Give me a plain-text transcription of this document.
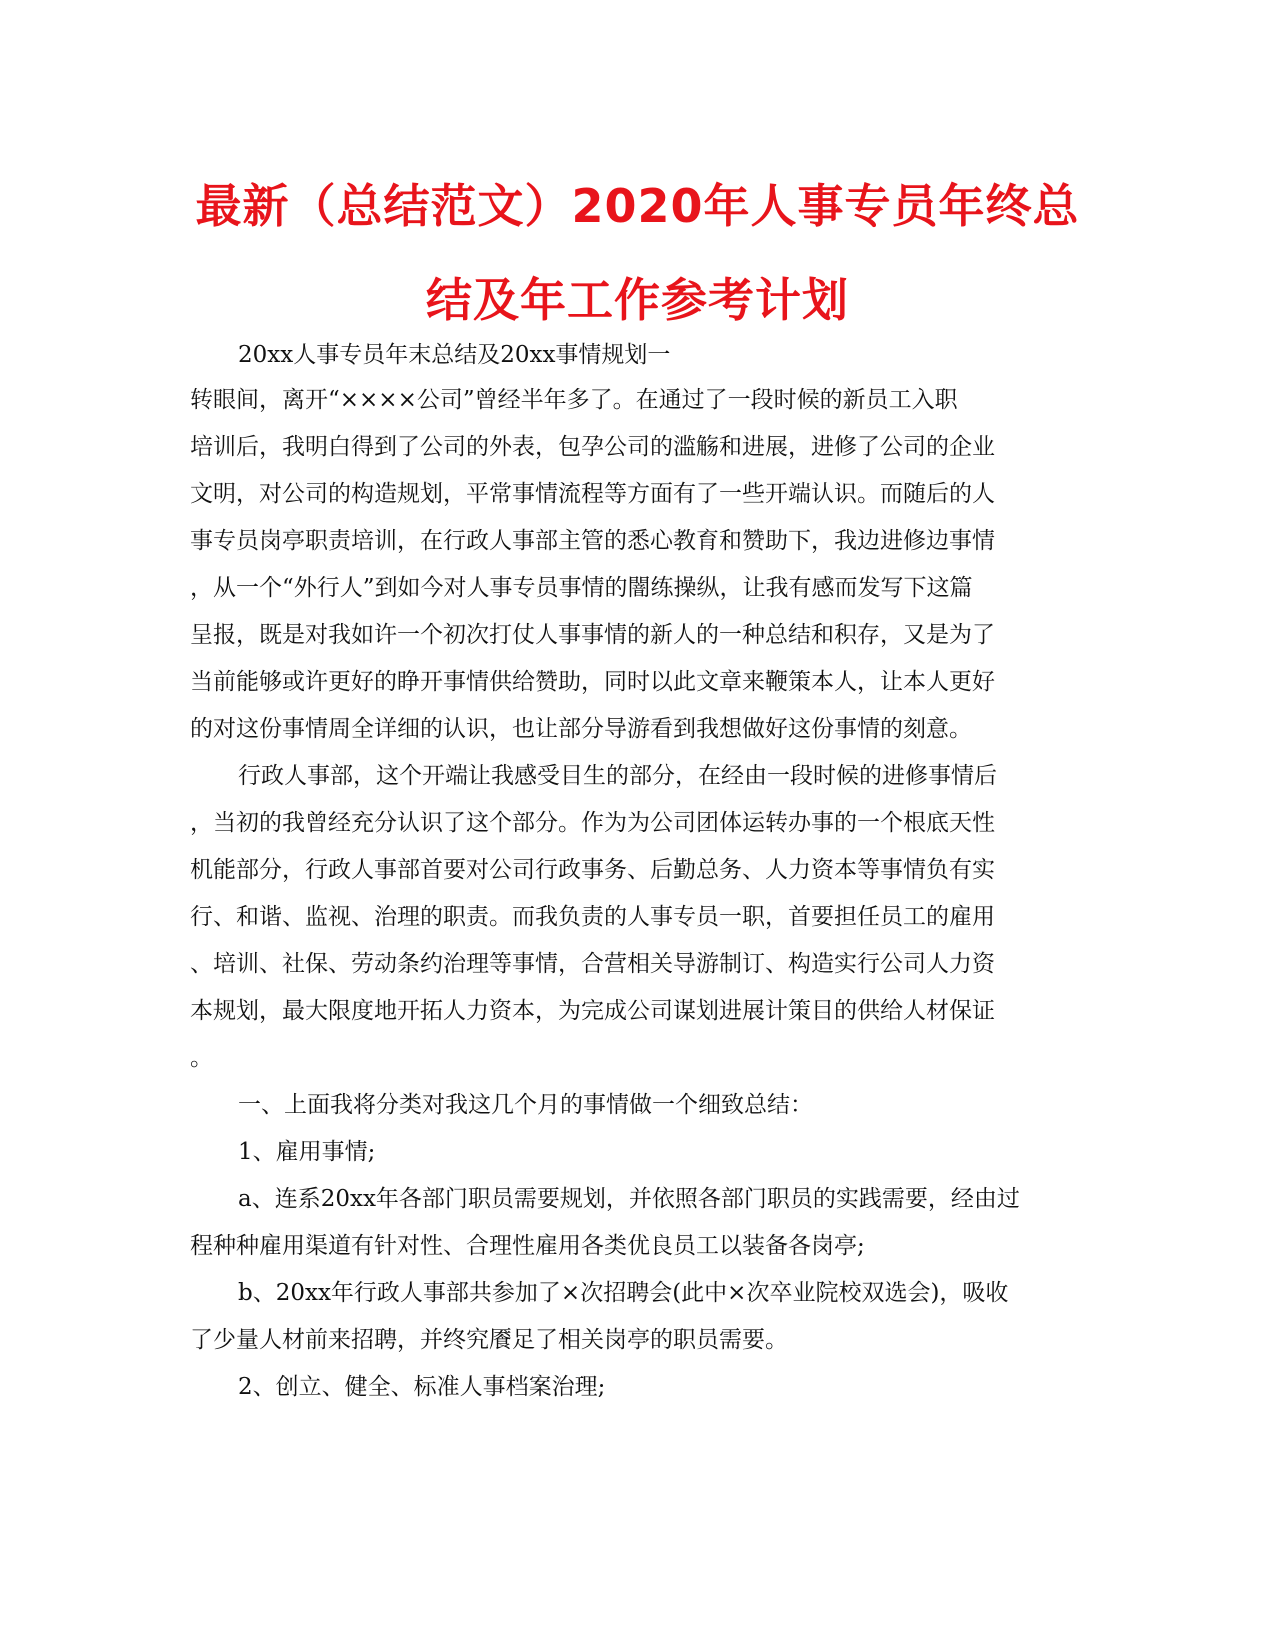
最新（总结范文）2020年人事专员年终总
结及年工作参考计划

20xx人事专员年末总结及20xx事情规划一

转眼间，离开“××××公司”曾经半年多了。在通过了一段时候的新员工入职

培训后，我明白得到了公司的外表，包孕公司的滥觞和进展，进修了公司的企业

文明，对公司的构造规划，平常事情流程等方面有了一些开端认识。而随后的人

事专员岗亭职责培训，在行政人事部主管的悉心教育和赞助下，我边进修边事情

，从一个“外行人”到如今对人事专员事情的闇练操纵，让我有感而发写下这篇

呈报，既是对我如许一个初次打仗人事事情的新人的一种总结和积存，又是为了

当前能够或许更好的睁开事情供给赞助，同时以此文章来鞭策本人，让本人更好

的对这份事情周全详细的认识，也让部分导游看到我想做好这份事情的刻意。

行政人事部，这个开端让我感受目生的部分，在经由一段时候的进修事情后

，当初的我曾经充分认识了这个部分。作为为公司团体运转办事的一个根底天性

机能部分，行政人事部首要对公司行政事务、后勤总务、人力资本等事情负有实

行、和谐、监视、治理的职责。而我负责的人事专员一职，首要担任员工的雇用

、培训、社保、劳动条约治理等事情，合营相关导游制订、构造实行公司人力资

本规划，最大限度地开拓人力资本，为完成公司谋划进展计策目的供给人材保证

。

一、上面我将分类对我这几个月的事情做一个细致总结：

1、雇用事情;

a、连系20xx年各部门职员需要规划，并依照各部门职员的实践需要，经由过

程种种雇用渠道有针对性、合理性雇用各类优良员工以装备各岗亭;

b、20xx年行政人事部共参加了×次招聘会(此中×次卒业院校双选会)，吸收

了少量人材前来招聘，并终究餍足了相关岗亭的职员需要。

2、创立、健全、标准人事档案治理;
